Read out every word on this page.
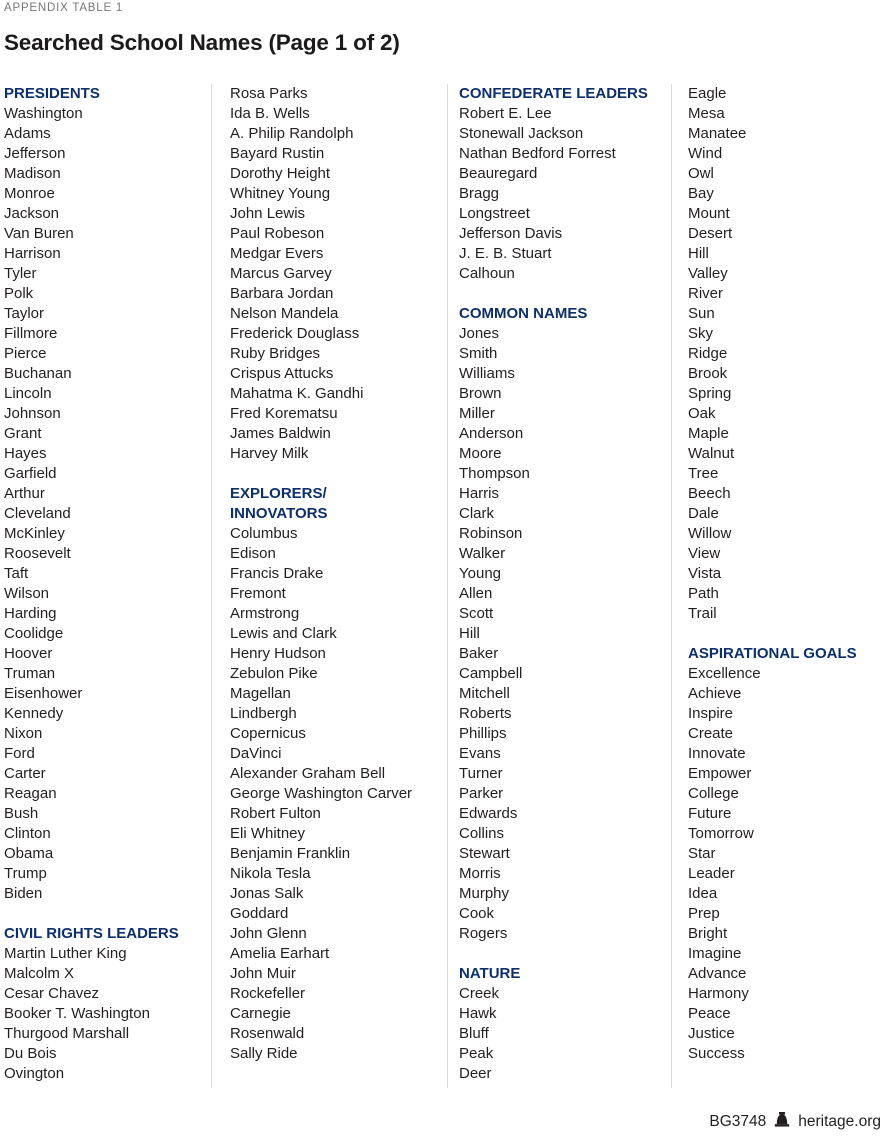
APPENDIX TABLE 1
Searched School Names (Page 1 of 2)
PRESIDENTS
Washington
Adams
Jefferson
Madison
Monroe
Jackson
Van Buren
Harrison
Tyler
Polk
Taylor
Fillmore
Pierce
Buchanan
Lincoln
Johnson
Grant
Hayes
Garfield
Arthur
Cleveland
McKinley
Roosevelt
Taft
Wilson
Harding
Coolidge
Hoover
Truman
Eisenhower
Kennedy
Nixon
Ford
Carter
Reagan
Bush
Clinton
Obama
Trump
Biden
CIVIL RIGHTS LEADERS
Martin Luther King
Malcolm X
Cesar Chavez
Booker T. Washington
Thurgood Marshall
Du Bois
Ovington
Rosa Parks
Ida B. Wells
A. Philip Randolph
Bayard Rustin
Dorothy Height
Whitney Young
John Lewis
Paul Robeson
Medgar Evers
Marcus Garvey
Barbara Jordan
Nelson Mandela
Frederick Douglass
Ruby Bridges
Crispus Attucks
Mahatma K. Gandhi
Fred Korematsu
James Baldwin
Harvey Milk
EXPLORERS/
INNOVATORS
Columbus
Edison
Francis Drake
Fremont
Armstrong
Lewis and Clark
Henry Hudson
Zebulon Pike
Magellan
Lindbergh
Copernicus
DaVinci
Alexander Graham Bell
George Washington Carver
Robert Fulton
Eli Whitney
Benjamin Franklin
Nikola Tesla
Jonas Salk
Goddard
John Glenn
Amelia Earhart
John Muir
Rockefeller
Carnegie
Rosenwald
Sally Ride
CONFEDERATE LEADERS
Robert E. Lee
Stonewall Jackson
Nathan Bedford Forrest
Beauregard
Bragg
Longstreet
Jefferson Davis
J. E. B. Stuart
Calhoun
COMMON NAMES
Jones
Smith
Williams
Brown
Miller
Anderson
Moore
Thompson
Harris
Clark
Robinson
Walker
Young
Allen
Scott
Hill
Baker
Campbell
Mitchell
Roberts
Phillips
Evans
Turner
Parker
Edwards
Collins
Stewart
Morris
Murphy
Cook
Rogers
NATURE
Creek
Hawk
Bluff
Peak
Deer
Eagle
Mesa
Manatee
Wind
Owl
Bay
Mount
Desert
Hill
Valley
River
Sun
Sky
Ridge
Brook
Spring
Oak
Maple
Walnut
Tree
Beech
Dale
Willow
View
Vista
Path
Trail
ASPIRATIONAL GOALS
Excellence
Achieve
Inspire
Create
Innovate
Empower
College
Future
Tomorrow
Star
Leader
Idea
Prep
Bright
Imagine
Advance
Harmony
Peace
Justice
Success
BG3748 heritage.org
